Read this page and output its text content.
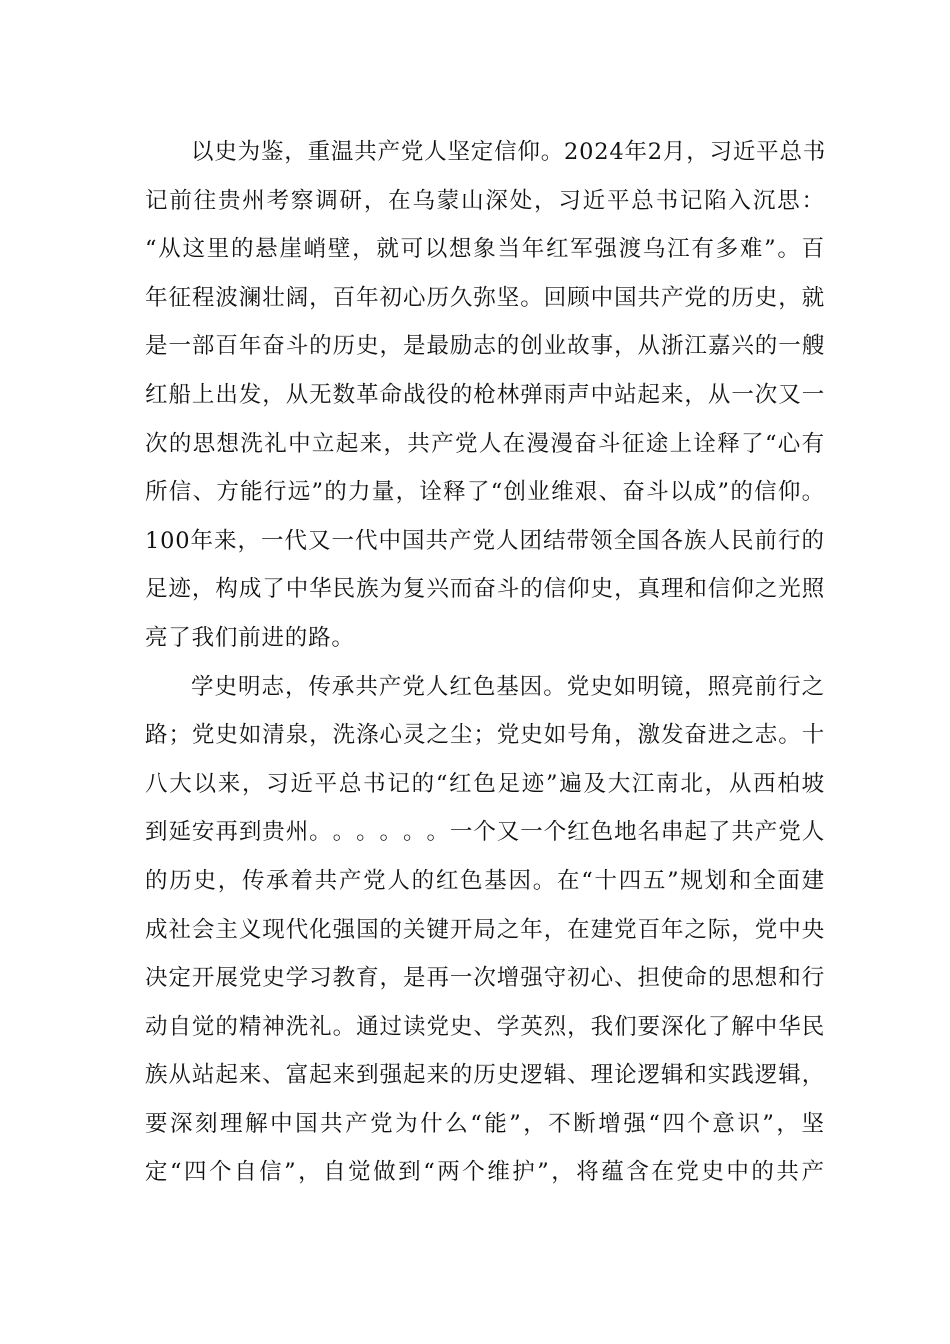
以 史 为 鉴 ， 重 温 共 产 党 人 坚 定 信 仰 。 2024 年 2 月 ， 习 近 平 总 书
记 前 往 贵 州 考 察 调 研 ， 在 乌 蒙 山 深 处 ， 习 近 平 总 书 记 陷 入 沉 思 ：
“ 从 这 里 的 悬 崖 峭 壁 ， 就 可 以 想 象 当 年 红 军 强 渡 乌 江 有 多 难 ” 。 百
年 征 程 波 澜 壮 阔 ， 百 年 初 心 历 久 弥 坚 。 回 顾 中 国 共 产 党 的 历 史 ， 就
是 一 部 百 年 奋 斗 的 历 史 ， 是 最 励 志 的 创 业 故 事 ， 从 浙 江 嘉 兴 的 一 艘
红 船 上 出 发 ， 从 无 数 革 命 战 役 的 枪 林 弹 雨 声 中 站 起 来 ， 从 一 次 又 一
次 的 思 想 洗 礼 中 立 起 来 ， 共 产 党 人 在 漫 漫 奋 斗 征 途 上 诠 释 了 “ 心 有
所 信 、 方 能 行 远 ” 的 力 量 ， 诠 释 了 “ 创 业 维 艰 、 奋 斗 以 成 ” 的 信 仰 。
100 年 来 ， 一 代 又 一 代 中 国 共 产 党 人 团 结 带 领 全 国 各 族 人 民 前 行 的
足 迹 ， 构 成 了 中 华 民 族 为 复 兴 而 奋 斗 的 信 仰 史 ， 真 理 和 信 仰 之 光 照
亮了我们前进的路。
学 史 明 志 ， 传 承 共 产 党 人 红 色 基 因 。 党 史 如 明 镜 ， 照 亮 前 行 之
路 ； 党 史 如 清 泉 ， 洗 涤 心 灵 之 尘 ； 党 史 如 号 角 ， 激 发 奋 进 之 志 。 十
八 大 以 来 ， 习 近 平 总 书 记 的 “ 红 色 足 迹 ” 遍 及 大 江 南 北 ， 从 西 柏 坡
到 延 安 再 到 贵 州 。 。 。 。 。 。 一 个 又 一 个 红 色 地 名 串 起 了 共 产 党 人
的 历 史 ， 传 承 着 共 产 党 人 的 红 色 基 因 。 在 “ 十 四 五 ” 规 划 和 全 面 建
成 社 会 主 义 现 代 化 强 国 的 关 键 开 局 之 年 ， 在 建 党 百 年 之 际 ， 党 中 央
决 定 开 展 党 史 学 习 教 育 ， 是 再 一 次 增 强 守 初 心 、 担 使 命 的 思 想 和 行
动 自 觉 的 精 神 洗 礼 。 通 过 读 党 史 、 学 英 烈 ， 我 们 要 深 化 了 解 中 华 民
族 从 站 起 来 、 富 起 来 到 强 起 来 的 历 史 逻 辑 、 理 论 逻 辑 和 实 践 逻 辑 ，
要 深 刻 理 解 中 国 共 产 党 为 什 么 “ 能 ” ， 不 断 增 强 “ 四 个 意 识 ” ， 坚
定 “ 四 个 自 信 ” ， 自 觉 做 到 “ 两 个 维 护 ” ， 将 蕴 含 在 党 史 中 的 共 产
